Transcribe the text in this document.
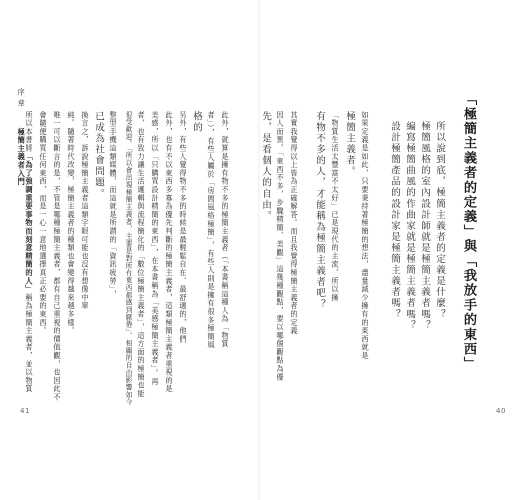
「極簡主義者的定義」與「我放手的東西」
所以說到底，極簡主義者的定義是什麼？
極簡風格的室內設計師就是極簡主義者嗎？
編寫極簡曲風的作曲家就是極簡主義者嗎？
設計極簡產品的設計家是極簡主義者嗎？
如果定義是如此，只要秉持著極簡的想法，盡量減少擁有的東西就是
極簡主義者。
「物質生活太豐富不太好」已是現代的主流，所以擁
有物不多的人，才能稱為極簡主義者吧？
其實我覺得以上皆為正確解答。而且我覺得極簡主義者的定義
因人而異。「東西不多，步驟精簡、美觀」這幾種觀點，要以哪個觀點為優
先，是看個人的自由。
40
序章
極簡主義者入門	此外，就算是擁有物不多的極簡主義者（「本書稱這種人為「物質
者」），有些人屬於「房間風格極簡」，有些人則是擁有很多極簡風
格的
另外，有些人覺得物不多的時候是最輕鬆自在、最舒適的，他們
此外，也有不以東西多寡為優先判斷的極簡主義者，這類極簡主義者重視的是
美感，所以「只購買設計精簡的東西」，在本書稱為「美感極簡主義者」。再
者，也有致力讓生活邏輯與流程簡化的「數位極簡主義者」，這方面的極簡也能
很受歡迎。「所以會出現極簡主義者，主要是對所有東西都感到厭倦」，相關的自由影響如今
整型手機這類媒體，而這就是所謂的「資訊疲勞」，
已成為社會問題。
換言之，訴說極簡主義者這類字眼可能也沒有想像中單
純。隨著時代改變，極簡主義者的種類也會變得越來越多樣。
唯一可以斷言的是，不管是哪種極簡主義者，都有自己重視的價值觀，也因此不
會隨便購買任何東西，而是一心一意地選擇真正必要的東西。
所以本書將「為了強調重要事物而刻意精簡的人」稱為極簡主義者，並以物質
41
